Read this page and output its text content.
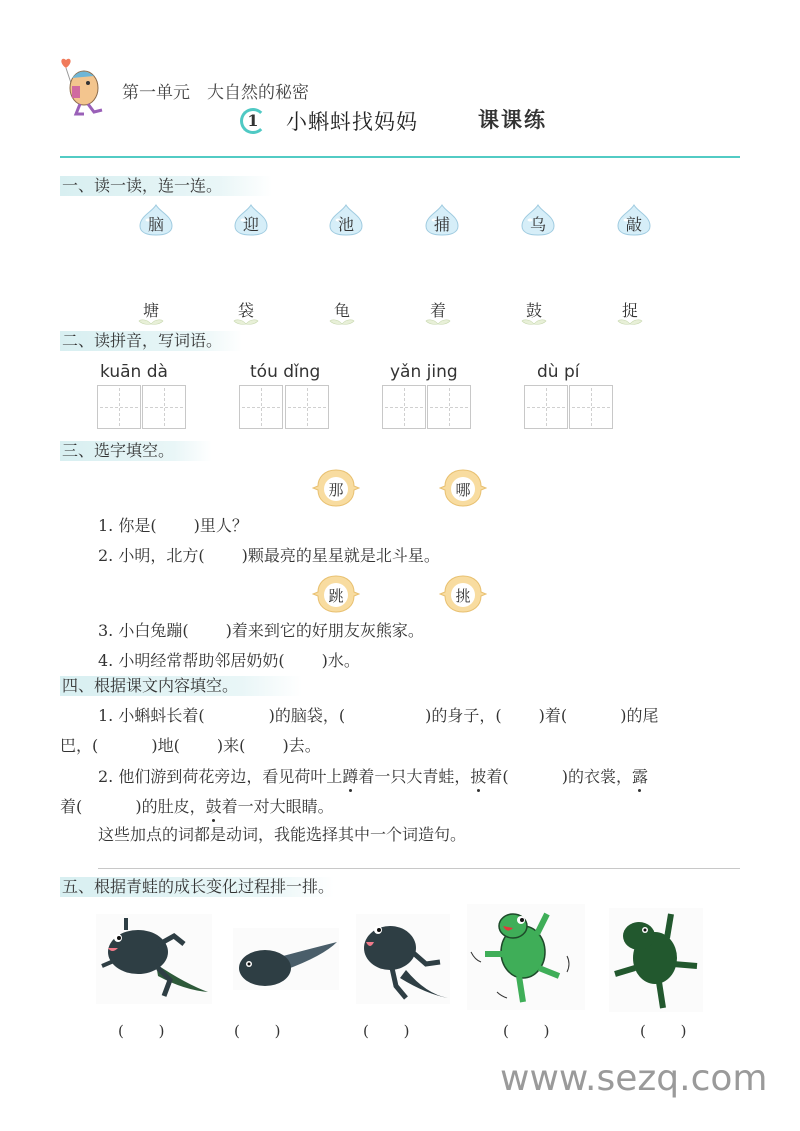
第一单元　大自然的秘密
1	小蝌蚪找妈妈	课课练
一、读一读，连一连。
脑	迎	池	捕	乌	敲
塘	袋	龟	着	鼓	捉
二、读拼音，写词语。
kuān dà	tóu dǐng	yǎn jing	dù pí
三、选字填空。
那	哪
1. 你是(　　 )里人？
2. 小明，北方(　　 )颗最亮的星星就是北斗星。
跳	挑
3. 小白兔蹦(　　 )着来到它的好朋友灰熊家。
4. 小明经常帮助邻居奶奶(　　 )水。
四、根据课文内容填空。
1. 小蝌蚪长着(　　　　)的脑袋，(　　　　　)的身子，(　　 )着(　　　 )的尾
巴，(　　　 )地(　　 )来(　　 )去。
2. 他们游到荷花旁边，看见荷叶上蹲着一只大青蛙，披着(　　　 )的衣裳，露
着(　　　 )的肚皮，鼓着一对大眼睛。
这些加点的词都是动词，我能选择其中一个词造句。
五、根据青蛙的成长变化过程排一排。
(　　 )	(　　 )	(　　 )	(　　 )	(　　 )
www.sezq.com
